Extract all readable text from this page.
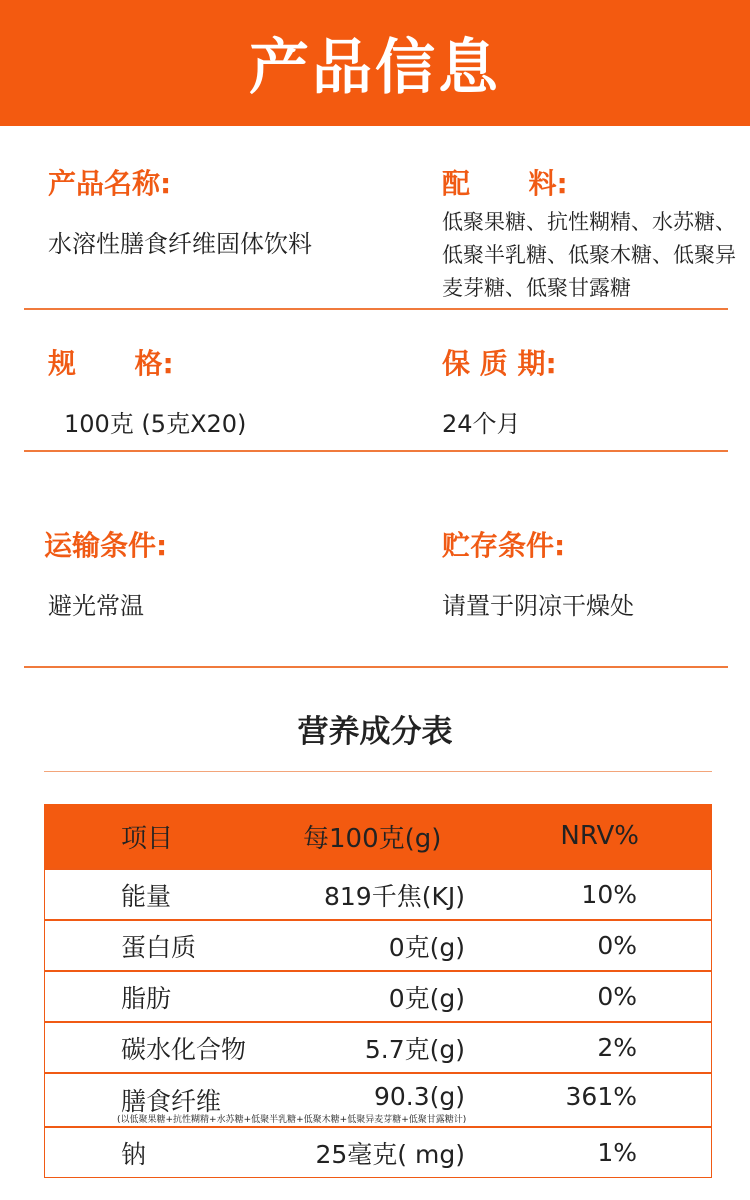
产品信息
产品名称:
水溶性膳食纤维固体饮料
配      料:
低聚果糖、抗性糊精、水苏糖、低聚半乳糖、低聚木糖、低聚异麦芽糖、低聚甘露糖
规      格:
100克 (5克X20)
保 质 期:
24个月
运输条件:
避光常温
贮存条件:
请置于阴凉干燥处
营养成分表
项目	每100克(g)	NRV%
能量	819千焦(KJ)	10%
蛋白质	0克(g)	0%
脂肪	0克(g)	0%
碳水化合物	5.7克(g)	2%
膳食纤维	90.3(g)	361%
(以低聚果糖+抗性糊精+水苏糖+低聚半乳糖+低聚木糖+低聚异麦芽糖+低聚甘露糖计)
钠	25毫克( mg)	1%
